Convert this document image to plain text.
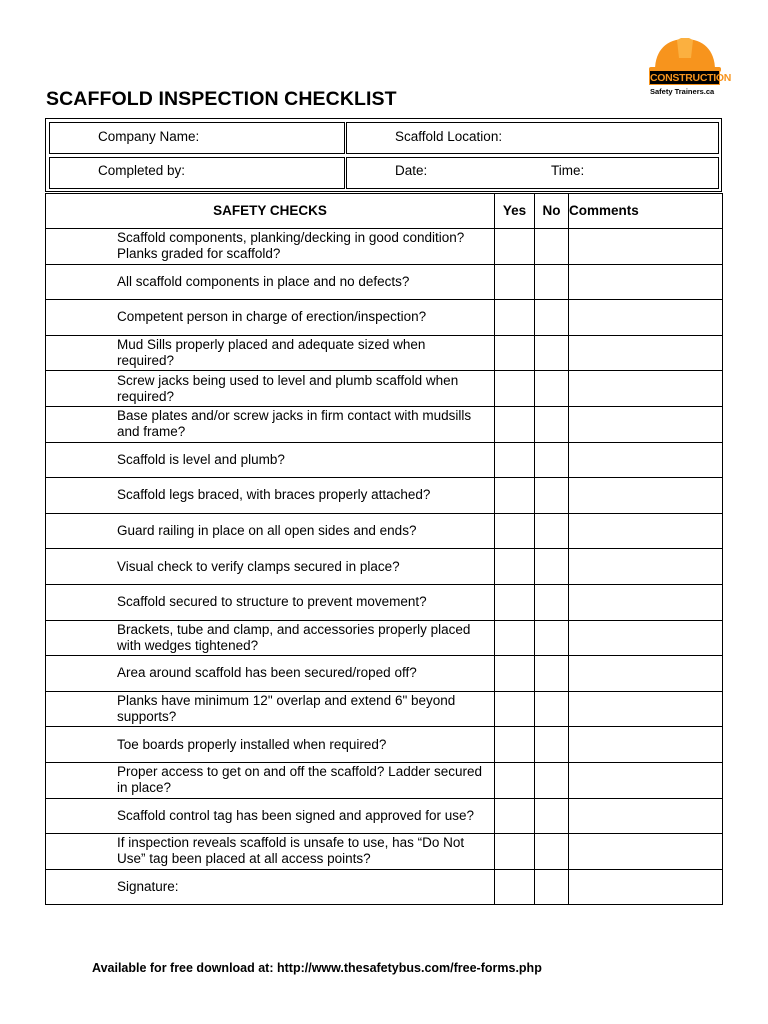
SCAFFOLD INSPECTION CHECKLIST
CONSTRUCTION
Safety Trainers.ca
Company Name:	Scaffold Location:
Completed by:	Date:	Time:
SAFETY CHECKS	Yes	No	Comments
Scaffold components, planking/decking in good condition? Planks graded for scaffold?			
All scaffold components in place and no defects?			
Competent person in charge of erection/inspection?			
Mud Sills properly placed and adequate sized when required?			
Screw jacks being used to level and plumb scaffold when required?			
Base plates and/or screw jacks in firm contact with mudsills and frame?			
Scaffold is level and plumb?			
Scaffold legs braced, with braces properly attached?			
Guard railing in place on all open sides and ends?			
Visual check to verify clamps secured in place?			
Scaffold secured to structure to prevent movement?			
Brackets, tube and clamp, and accessories properly placed with wedges tightened?			
Area around scaffold has been secured/roped off?			
Planks have minimum 12" overlap and extend 6" beyond supports?			
Toe boards properly installed when required?			
Proper access to get on and off the scaffold? Ladder secured in place?			
Scaffold control tag has been signed and approved for use?			
If inspection reveals scaffold is unsafe to use, has “Do Not Use” tag been placed at all access points?			
Signature:			
Available for free download at: http://www.thesafetybus.com/free-forms.php
